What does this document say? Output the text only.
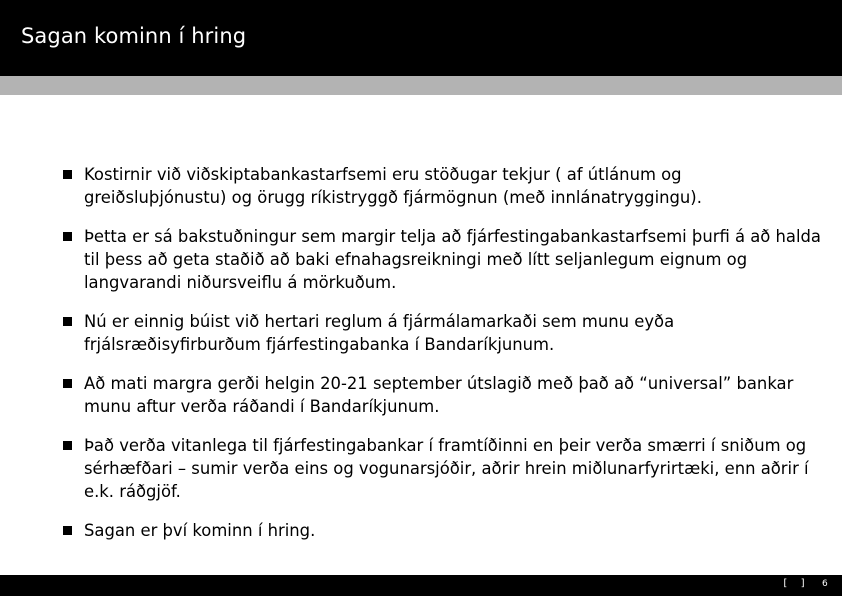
Sagan kominn í hring
Kostirnir við viðskiptabankastarfsemi eru stöðugar tekjur ( af útlánum og greiðsluþjónustu) og örugg ríkistryggð fjármögnun (með innlánatryggingu).
Þetta er sá bakstuðningur sem margir telja að fjárfestingabankastarfsemi þurfi á að halda til þess að geta staðið að baki efnahagsreikningi með lítt seljanlegum eignum og langvarandi niðursveiflu á mörkuðum.
Nú er einnig búist við hertari reglum á fjármálamarkaði sem munu eyða frjálsræðisyfirburðum fjárfestingabanka í Bandaríkjunum.
Að mati margra gerði helgin 20-21 september útslagið með það að “universal” bankar munu aftur verða ráðandi í Bandaríkjunum.
Það verða vitanlega til fjárfestingabankar í framtíðinni en þeir verða smærri í sniðum og sérhæfðari – sumir verða eins og vogunarsjóðir, aðrir hrein miðlunarfyrirtæki, enn aðrir í e.k. ráðgjöf.
Sagan er því kominn í hring.
[  ] 6
